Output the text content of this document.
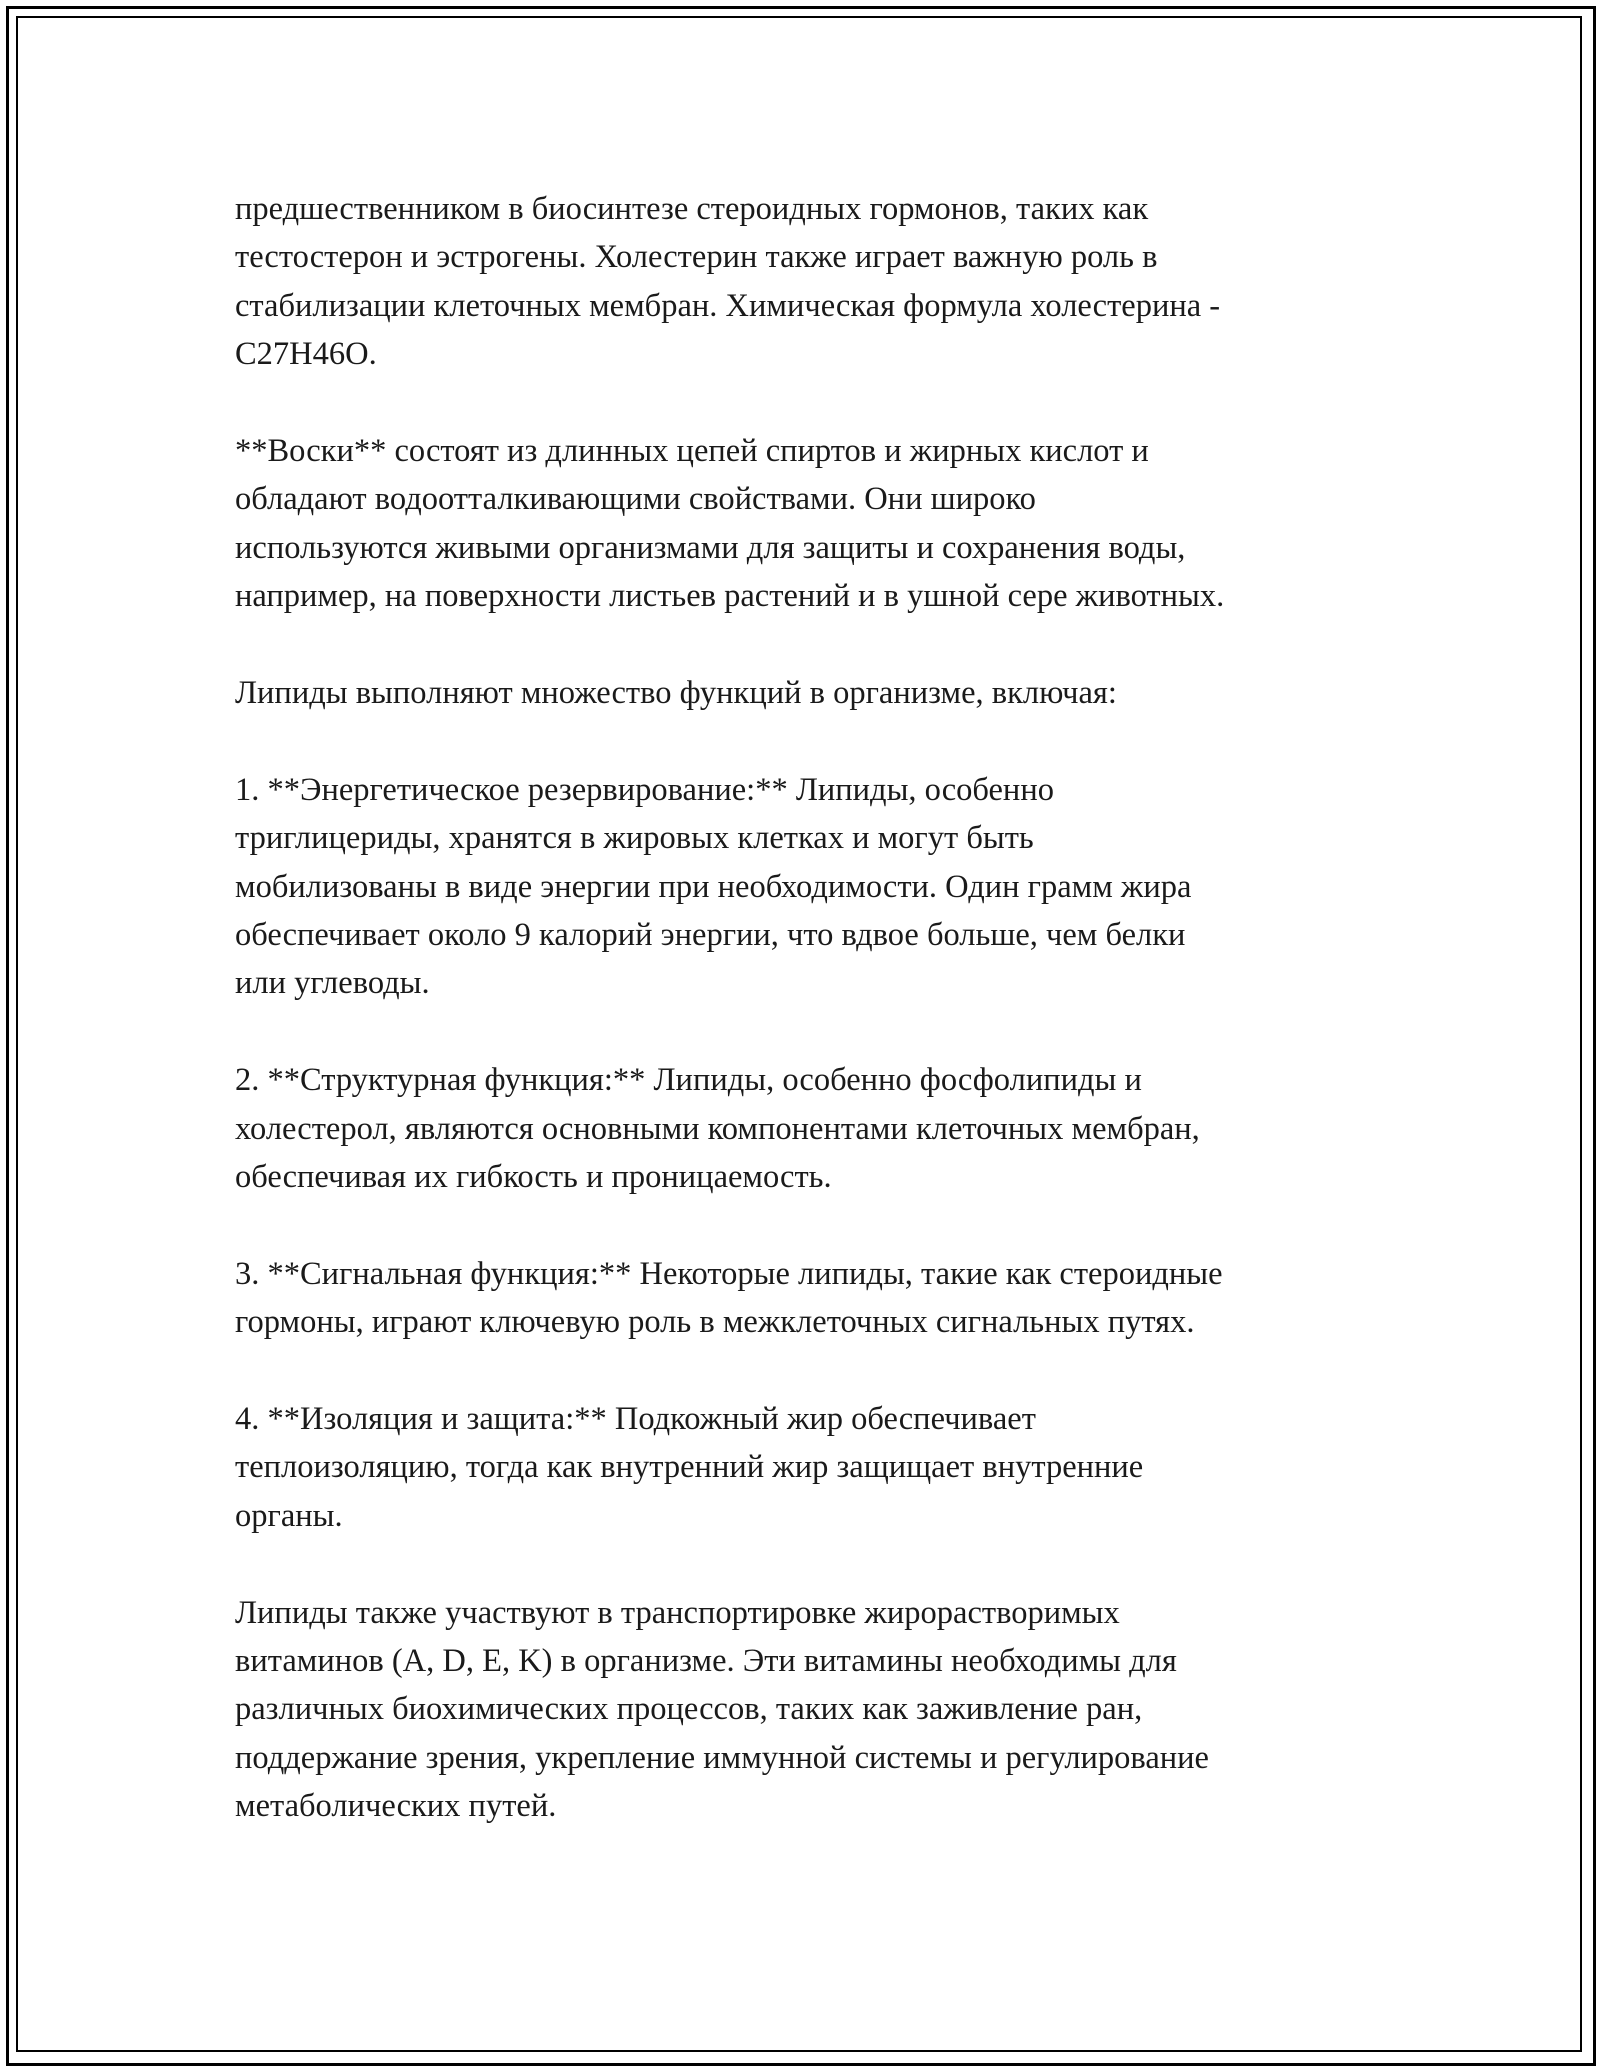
предшественником в биосинтезе стероидных гормонов, таких как
тестостерон и эстрогены. Холестерин также играет важную роль в
стабилизации клеточных мембран. Химическая формула холестерина -
C27H46O.

**Воски** состоят из длинных цепей спиртов и жирных кислот и
обладают водоотталкивающими свойствами. Они широко
используются живыми организмами для защиты и сохранения воды,
например, на поверхности листьев растений и в ушной сере животных.

Липиды выполняют множество функций в организме, включая:

1. **Энергетическое резервирование:** Липиды, особенно
триглицериды, хранятся в жировых клетках и могут быть
мобилизованы в виде энергии при необходимости. Один грамм жира
обеспечивает около 9 калорий энергии, что вдвое больше, чем белки
или углеводы.

2. **Структурная функция:** Липиды, особенно фосфолипиды и
холестерол, являются основными компонентами клеточных мембран,
обеспечивая их гибкость и проницаемость.

3. **Сигнальная функция:** Некоторые липиды, такие как стероидные
гормоны, играют ключевую роль в межклеточных сигнальных путях.

4. **Изоляция и защита:** Подкожный жир обеспечивает
теплоизоляцию, тогда как внутренний жир защищает внутренние
органы.

Липиды также участвуют в транспортировке жирорастворимых
витаминов (A, D, E, K) в организме. Эти витамины необходимы для
различных биохимических процессов, таких как заживление ран,
поддержание зрения, укрепление иммунной системы и регулирование
метаболических путей.
